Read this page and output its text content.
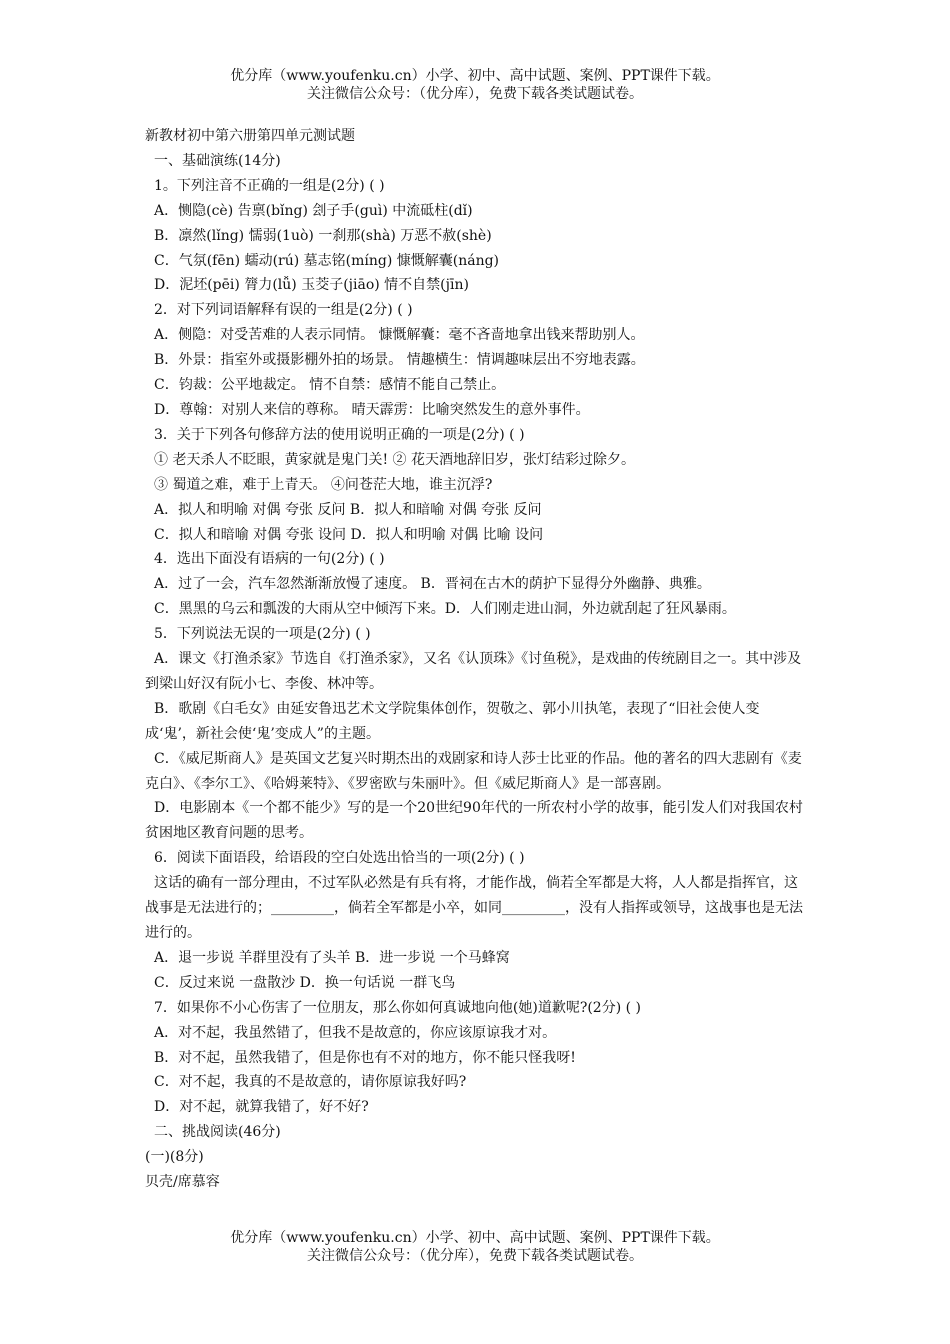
优分库（www.youfenku.cn）小学、初中、高中试题、案例、PPT课件下载。
关注微信公众号：（优分库），免费下载各类试题试卷。
新教材初中第六册第四单元测试题
一、基础演练(14分)
1。下列注音不正确的一组是(2分) ( )
A．恻隐(cè) 告禀(bǐng) 刽子手(guì) 中流砥柱(dǐ)
B．凛然(lǐng) 懦弱(1uò) 一刹那(shà) 万恶不赦(shè)
C．气氛(fēn) 蠕动(rú) 墓志铭(míng) 慷慨解囊(náng)
D．泥坯(pēi) 膂力(lǚ) 玉茭子(jiāo) 情不自禁(jīn)
2．对下列词语解释有误的一组是(2分) ( )
A．侧隐：对受苦难的人表示同情。 慷慨解囊：毫不吝啬地拿出钱来帮助别人。
B．外景：指室外或摄影棚外拍的场景。 情趣横生：情调趣味层出不穷地表露。
C．钧裁：公平地裁定。 情不自禁：感情不能自己禁止。
D．尊翰：对别人来信的尊称。 晴天霹雳：比喻突然发生的意外事件。
3．关于下列各句修辞方法的使用说明正确的一项是(2分) ( )
① 老天杀人不眨眼，黄家就是鬼门关! ② 花天酒地辞旧岁，张灯结彩过除夕。
③ 蜀道之难，难于上青天。 ④问苍茫大地，谁主沉浮?
A．拟人和明喻 对偶 夸张 反问 B．拟人和暗喻 对偶 夸张 反问
C．拟人和暗喻 对偶 夸张 设问 D．拟人和明喻 对偶 比喻 设问
4．选出下面没有语病的一句(2分) ( )
A．过了一会，汽车忽然渐渐放慢了速度。 B．晋祠在古木的荫护下显得分外幽静、典雅。
C．黑黑的乌云和瓢泼的大雨从空中倾泻下来。D．人们刚走进山洞，外边就刮起了狂风暴雨。
5．下列说法无误的一项是(2分) ( )
A．课文《打渔杀家》节选自《打渔杀家》，又名《认顶珠》《讨鱼税》，是戏曲的传统剧目之一。其中涉及到梁山好汉有阮小七、李俊、林冲等。
B．歌剧《白毛女》由延安鲁迅艺术文学院集体创作，贺敬之、郭小川执笔，表现了“旧社会使人变成‘鬼’，新社会使‘鬼’变成人”的主题。
C．《威尼斯商人》是英国文艺复兴时期杰出的戏剧家和诗人莎士比亚的作品。他的著名的四大悲剧有《麦克白》、《李尔工》、《哈姆莱特》、《罗密欧与朱丽叶》。但《威尼斯商人》是一部喜剧。
D．电影剧本《一个都不能少》写的是一个20世纪90年代的一所农村小学的故事，能引发人们对我国农村贫困地区教育问题的思考。
6．阅读下面语段，给语段的空白处选出恰当的一项(2分) ( )
这话的确有一部分理由，不过军队必然是有兵有将，才能作战，倘若全军都是大将，人人都是指挥官，这战事是无法进行的；_________，倘若全军都是小卒，如同_________，没有人指挥或领导，这战事也是无法进行的。
A．退一步说 羊群里没有了头羊 B．进一步说 一个马蜂窝
C．反过来说 一盘散沙 D．换一句话说 一群飞鸟
7．如果你不小心伤害了一位朋友，那么你如何真诚地向他(她)道歉呢?(2分) ( )
A．对不起，我虽然错了，但我不是故意的，你应该原谅我才对。
B．对不起，虽然我错了，但是你也有不对的地方，你不能只怪我呀!
C．对不起，我真的不是故意的，请你原谅我好吗?
D．对不起，就算我错了，好不好?
二、挑战阅读(46分)
(一)(8分)
贝壳/席慕容
优分库（www.youfenku.cn）小学、初中、高中试题、案例、PPT课件下载。
关注微信公众号：（优分库），免费下载各类试题试卷。
